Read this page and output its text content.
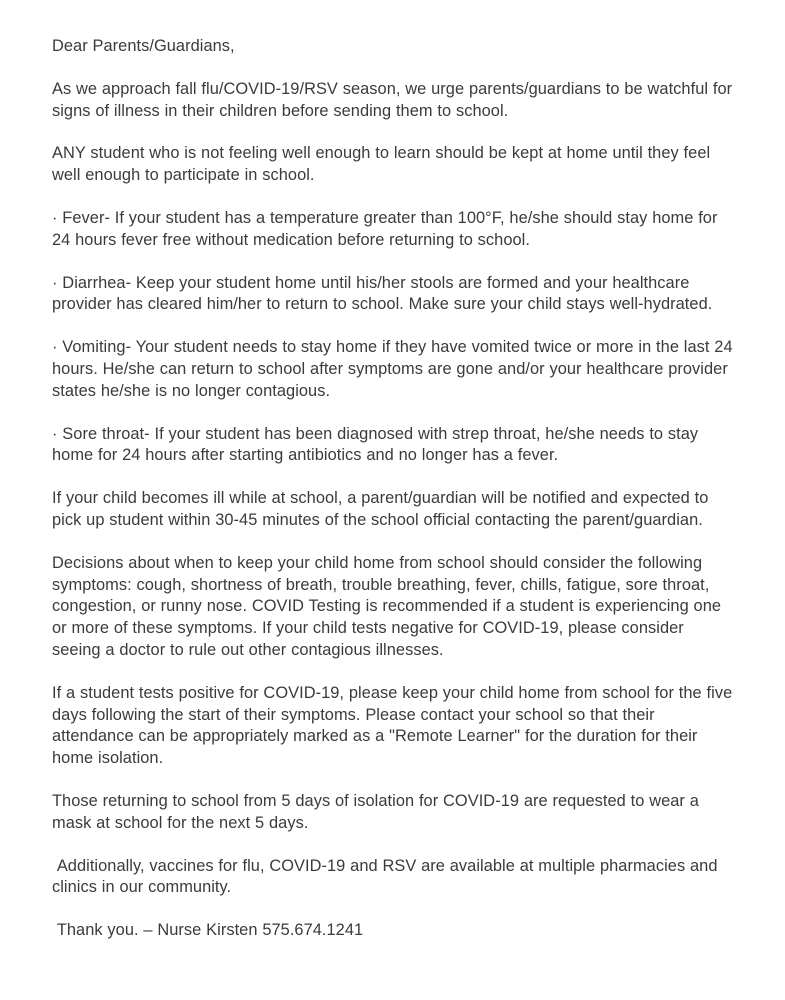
Dear Parents/Guardians,

As we approach fall flu/COVID-19/RSV season, we urge parents/guardians to be watchful for signs of illness in their children before sending them to school.

ANY student who is not feeling well enough to learn should be kept at home until they feel well enough to participate in school.

· Fever- If your student has a temperature greater than 100°F, he/she should stay home for 24 hours fever free without medication before returning to school.

· Diarrhea- Keep your student home until his/her stools are formed and your healthcare provider has cleared him/her to return to school. Make sure your child stays well-hydrated.

· Vomiting- Your student needs to stay home if they have vomited twice or more in the last 24 hours. He/she can return to school after symptoms are gone and/or your healthcare provider states he/she is no longer contagious.

· Sore throat- If your student has been diagnosed with strep throat, he/she needs to stay home for 24 hours after starting antibiotics and no longer has a fever.

If your child becomes ill while at school, a parent/guardian will be notified and expected to pick up student within 30-45 minutes of the school official contacting the parent/guardian.

Decisions about when to keep your child home from school should consider the following symptoms: cough, shortness of breath, trouble breathing, fever, chills, fatigue, sore throat, congestion, or runny nose. COVID Testing is recommended if a student is experiencing one or more of these symptoms. If your child tests negative for COVID-19, please consider seeing a doctor to rule out other contagious illnesses.

If a student tests positive for COVID-19, please keep your child home from school for the five days following the start of their symptoms. Please contact your school so that their attendance can be appropriately marked as a "Remote Learner" for the duration for their home isolation.

Those returning to school from 5 days of isolation for COVID-19 are requested to wear a mask at school for the next 5 days.

Additionally, vaccines for flu, COVID-19 and RSV are available at multiple pharmacies and clinics in our community.

Thank you. – Nurse Kirsten 575.674.1241
